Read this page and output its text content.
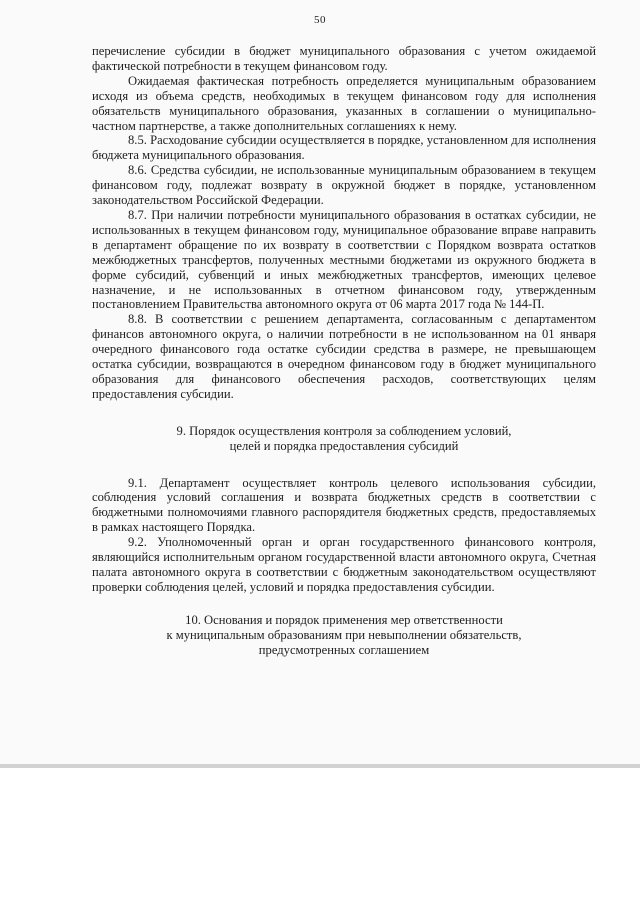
50

перечисление субсидии в бюджет муниципального образования с учетом ожидаемой фактической потребности в текущем финансовом году.

Ожидаемая фактическая потребность определяется муниципальным образованием исходя из объема средств, необходимых в текущем финансовом году для исполнения обязательств муниципального образования, указанных в соглашении о муниципально-частном партнерстве, а также дополнительных соглашениях к нему.

8.5. Расходование субсидии осуществляется в порядке, установленном для исполнения бюджета муниципального образования.

8.6. Средства субсидии, не использованные муниципальным образованием в текущем финансовом году, подлежат возврату в окружной бюджет в порядке, установленном законодательством Российской Федерации.

8.7. При наличии потребности муниципального образования в остатках субсидии, не использованных в текущем финансовом году, муниципальное образование вправе направить в департамент обращение по их возврату в соответствии с Порядком возврата остатков межбюджетных трансфертов, полученных местными бюджетами из окружного бюджета в форме субсидий, субвенций и иных межбюджетных трансфертов, имеющих целевое назначение, и не использованных в отчетном финансовом году, утвержденным постановлением Правительства автономного округа от 06 марта 2017 года № 144-П.

8.8. В соответствии с решением департамента, согласованным с департаментом финансов автономного округа, о наличии потребности в не использованном на 01 января очередного финансового года остатке субсидии средства в размере, не превышающем остатка субсидии, возвращаются в очередном финансовом году в бюджет муниципального образования для финансового обеспечения расходов, соответствующих целям предоставления субсидии.

9. Порядок осуществления контроля за соблюдением условий,
целей и порядка предоставления субсидий

9.1. Департамент осуществляет контроль целевого использования субсидии, соблюдения условий соглашения и возврата бюджетных средств в соответствии с бюджетными полномочиями главного распорядителя бюджетных средств, предоставляемых в рамках настоящего Порядка.

9.2. Уполномоченный орган и орган государственного финансового контроля, являющийся исполнительным органом государственной власти автономного округа, Счетная палата автономного округа в соответствии с бюджетным законодательством осуществляют проверки соблюдения целей, условий и порядка предоставления субсидии.

10. Основания и порядок применения мер ответственности
к муниципальным образованиям при невыполнении обязательств,
предусмотренных соглашением
